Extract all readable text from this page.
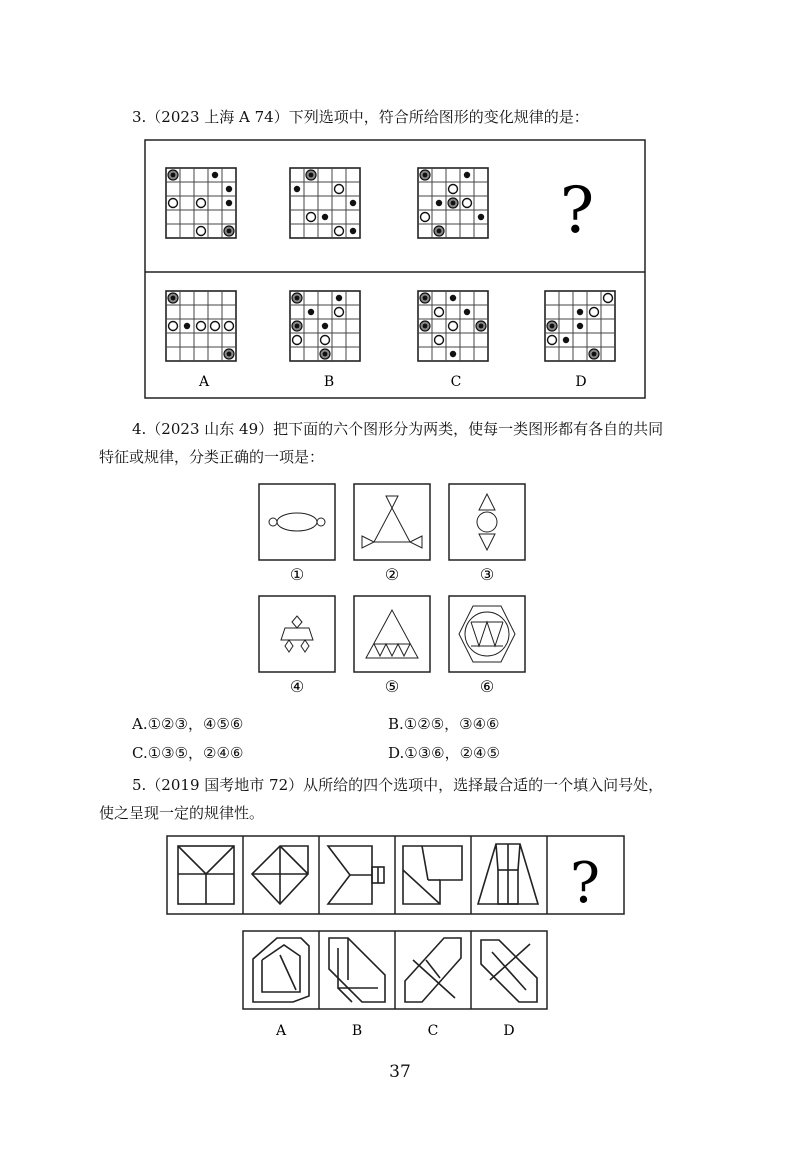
3.（2023 上海 A 74）下列选项中，符合所给图形的变化规律的是：
?
A	B	C	D
4.（2023 山东 49）把下面的六个图形分为两类，使每一类图形都有各自的共同
特征或规律，分类正确的一项是：
①	②	③
④	⑤	⑥
A.①②③，④⑤⑥	B.①②⑤，③④⑥
C.①③⑤，②④⑥	D.①③⑥，②④⑤
5.（2019 国考地市 72）从所给的四个选项中，选择最合适的一个填入问号处，
使之呈现一定的规律性。
?
A	B	C	D
37
